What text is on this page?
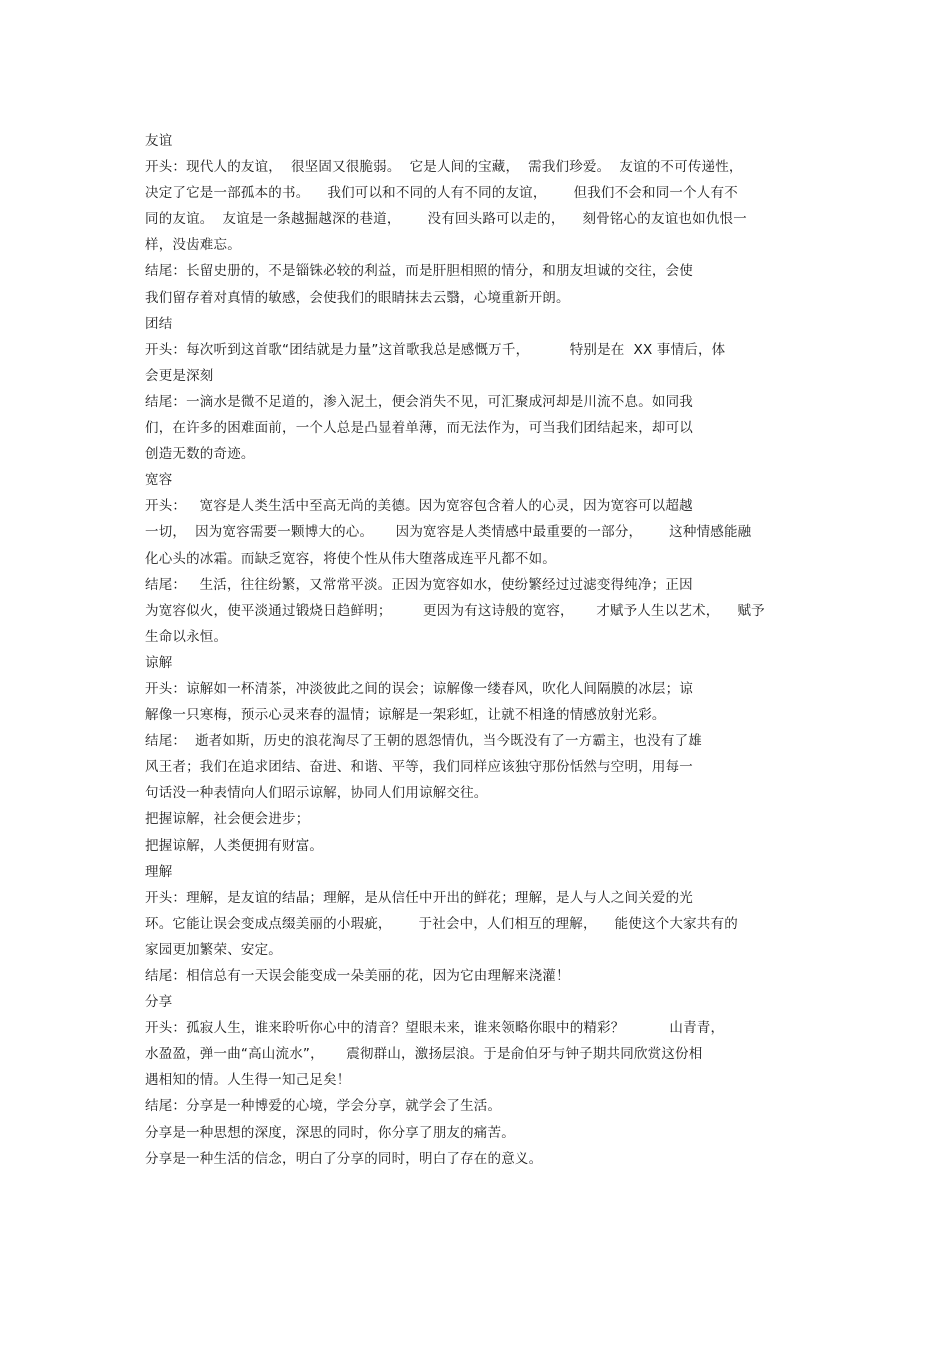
友谊
开头：现代人的友谊，  很坚固又很脆弱。  它是人间的宝藏，  需我们珍爱。  友谊的不可传递性，
决定了它是一部孤本的书。    我们可以和不同的人有不同的友谊，      但我们不会和同一个人有不
同的友谊。  友谊是一条越掘越深的巷道，      没有回头路可以走的，    刻骨铭心的友谊也如仇恨一
样，没齿难忘。
结尾：长留史册的，不是锱铢必较的利益，而是肝胆相照的情分，和朋友坦诚的交往，会使
我们留存着对真情的敏感，会使我们的眼睛抹去云翳，心境重新开朗。
团结
开头：每次听到这首歌“团结就是力量”这首歌我总是感慨万千，         特别是在  XX 事情后，体
会更是深刻
结尾：一滴水是微不足道的，渗入泥土，便会消失不见，可汇聚成河却是川流不息。如同我
们，在许多的困难面前，一个人总是凸显着单薄，而无法作为，可当我们团结起来，却可以
创造无数的奇迹。
宽容
开头：   宽容是人类生活中至高无尚的美德。因为宽容包含着人的心灵，因为宽容可以超越
一切，  因为宽容需要一颗博大的心。     因为宽容是人类情感中最重要的一部分，      这种情感能融
化心头的冰霜。而缺乏宽容，将使个性从伟大堕落成连平凡都不如。
结尾：   生活，往往纷繁，又常常平淡。正因为宽容如水，使纷繁经过过滤变得纯净；正因
为宽容似火，使平淡通过锻烧日趋鲜明；       更因为有这诗般的宽容，     才赋予人生以艺术，    赋予
生命以永恒。
谅解
开头：谅解如一杯清茶，冲淡彼此之间的误会；谅解像一缕春风，吹化人间隔膜的冰层；谅
解像一只寒梅，预示心灵来春的温情；谅解是一架彩虹，让就不相逢的情感放射光彩。
结尾：  逝者如斯，历史的浪花淘尽了王朝的恩怨情仇，当今既没有了一方霸主，也没有了雄
风王者；我们在追求团结、奋进、和谐、平等，我们同样应该独守那份恬然与空明，用每一
句话没一种表情向人们昭示谅解，协同人们用谅解交往。
把握谅解，社会便会进步；
把握谅解，人类便拥有财富。
理解
开头：理解，是友谊的结晶；理解，是从信任中开出的鲜花；理解，是人与人之间关爱的光
环。它能让误会变成点缀美丽的小瑕疵，      于社会中，人们相互的理解，    能使这个大家共有的
家园更加繁荣、安定。
结尾：相信总有一天误会能变成一朵美丽的花，因为它由理解来浇灌！
分享
开头：孤寂人生，谁来聆听你心中的清音？望眼未来，谁来领略你眼中的精彩？          山青青，
水盈盈，弹一曲“高山流水”，     震彻群山，激扬层浪。于是俞伯牙与钟子期共同欣赏这份相
遇相知的情。人生得一知己足矣！
结尾：分享是一种博爱的心境，学会分享，就学会了生活。
分享是一种思想的深度，深思的同时，你分享了朋友的痛苦。
分享是一种生活的信念，明白了分享的同时，明白了存在的意义。
